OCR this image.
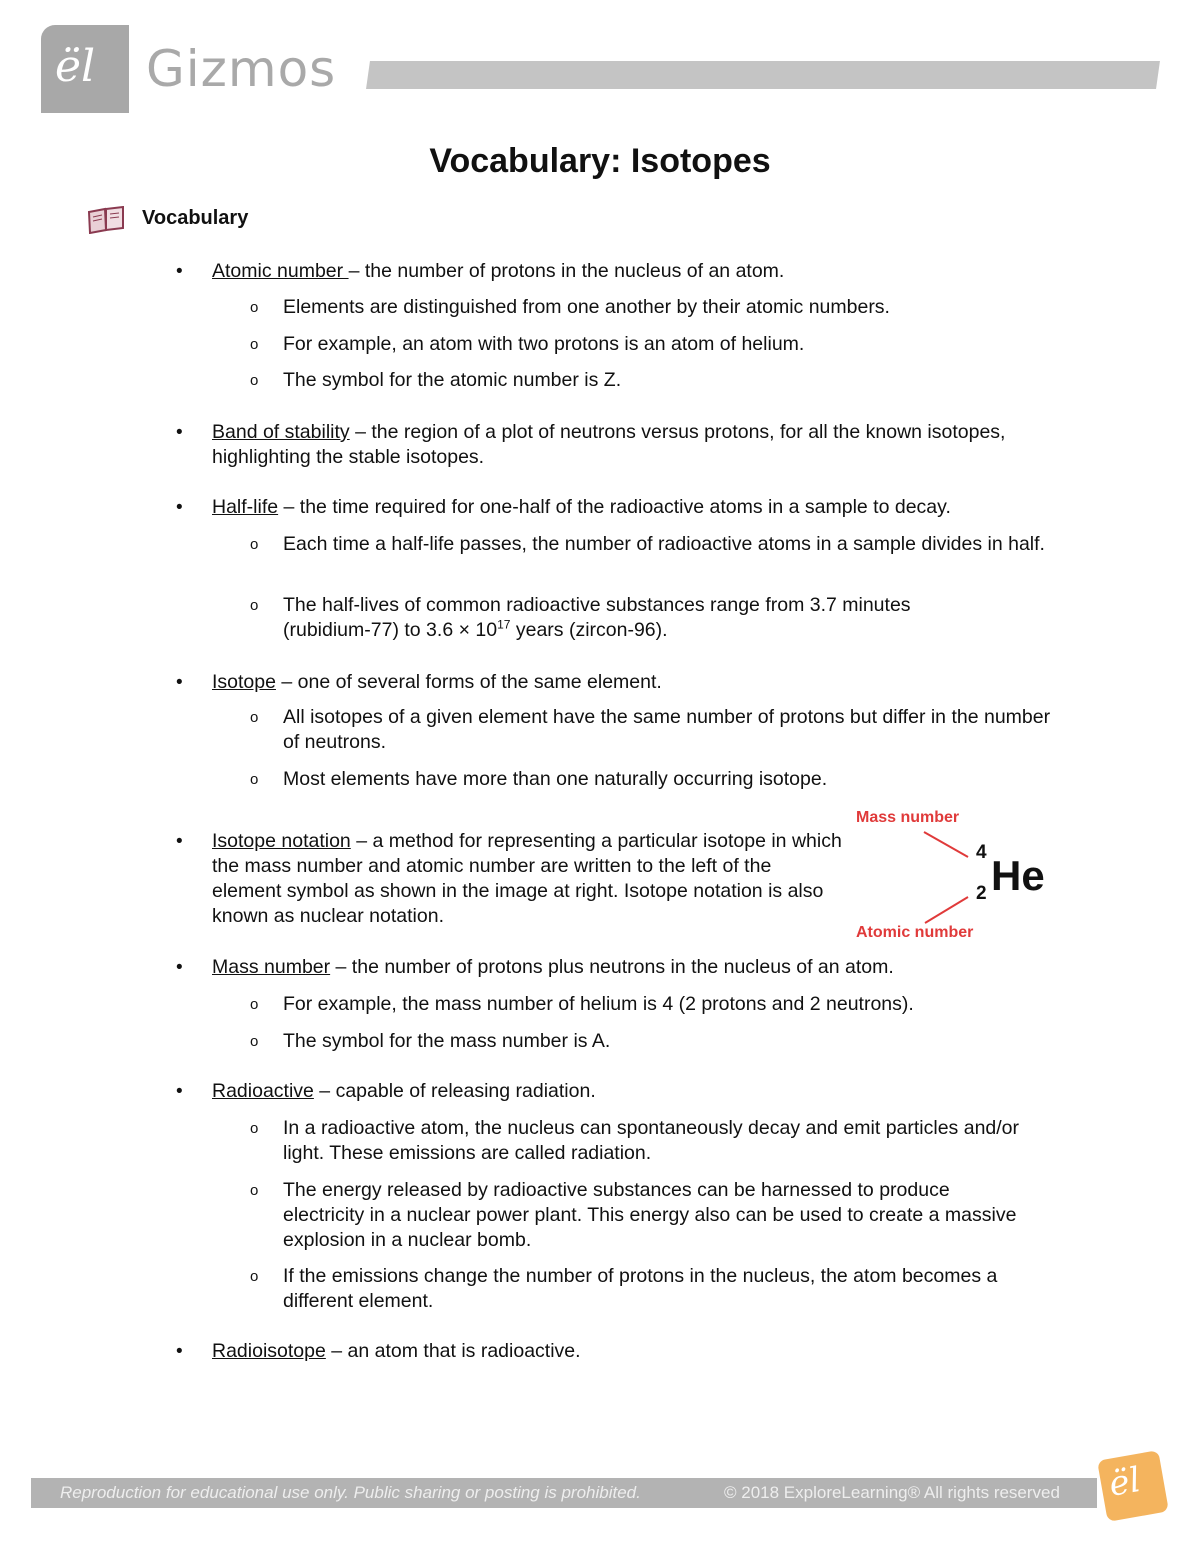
ël Gizmos
Vocabulary: Isotopes
Vocabulary
• Atomic number – the number of protons in the nucleus of an atom.
o Elements are distinguished from one another by their atomic numbers.
o For example, an atom with two protons is an atom of helium.
o The symbol for the atomic number is Z.
• Band of stability – the region of a plot of neutrons versus protons, for all the known isotopes, highlighting the stable isotopes.
• Half-life – the time required for one-half of the radioactive atoms in a sample to decay.
o Each time a half-life passes, the number of radioactive atoms in a sample divides in half.
o The half-lives of common radioactive substances range from 3.7 minutes (rubidium-77) to $3.6 \times 10^{17}$ years (zircon-96).
• Isotope – one of several forms of the same element.
o All isotopes of a given element have the same number of protons but differ in the number of neutrons.
o Most elements have more than one naturally occurring isotope.
• Isotope notation – a method for representing a particular isotope in which the mass number and atomic number are written to the left of the element symbol as shown in the image at right. Isotope notation is also known as nuclear notation.
Mass number
Atomic number
4
2 He
• Mass number – the number of protons plus neutrons in the nucleus of an atom.
o For example, the mass number of helium is 4 (2 protons and 2 neutrons).
o The symbol for the mass number is A.
• Radioactive – capable of releasing radiation.
o In a radioactive atom, the nucleus can spontaneously decay and emit particles and/or light. These emissions are called radiation.
o The energy released by radioactive substances can be harnessed to produce electricity in a nuclear power plant. This energy also can be used to create a massive explosion in a nuclear bomb.
o If the emissions change the number of protons in the nucleus, the atom becomes a different element.
• Radioisotope – an atom that is radioactive.
Reproduction for educational use only. Public sharing or posting is prohibited.	© 2018 ExploreLearning® All rights reserved ël
